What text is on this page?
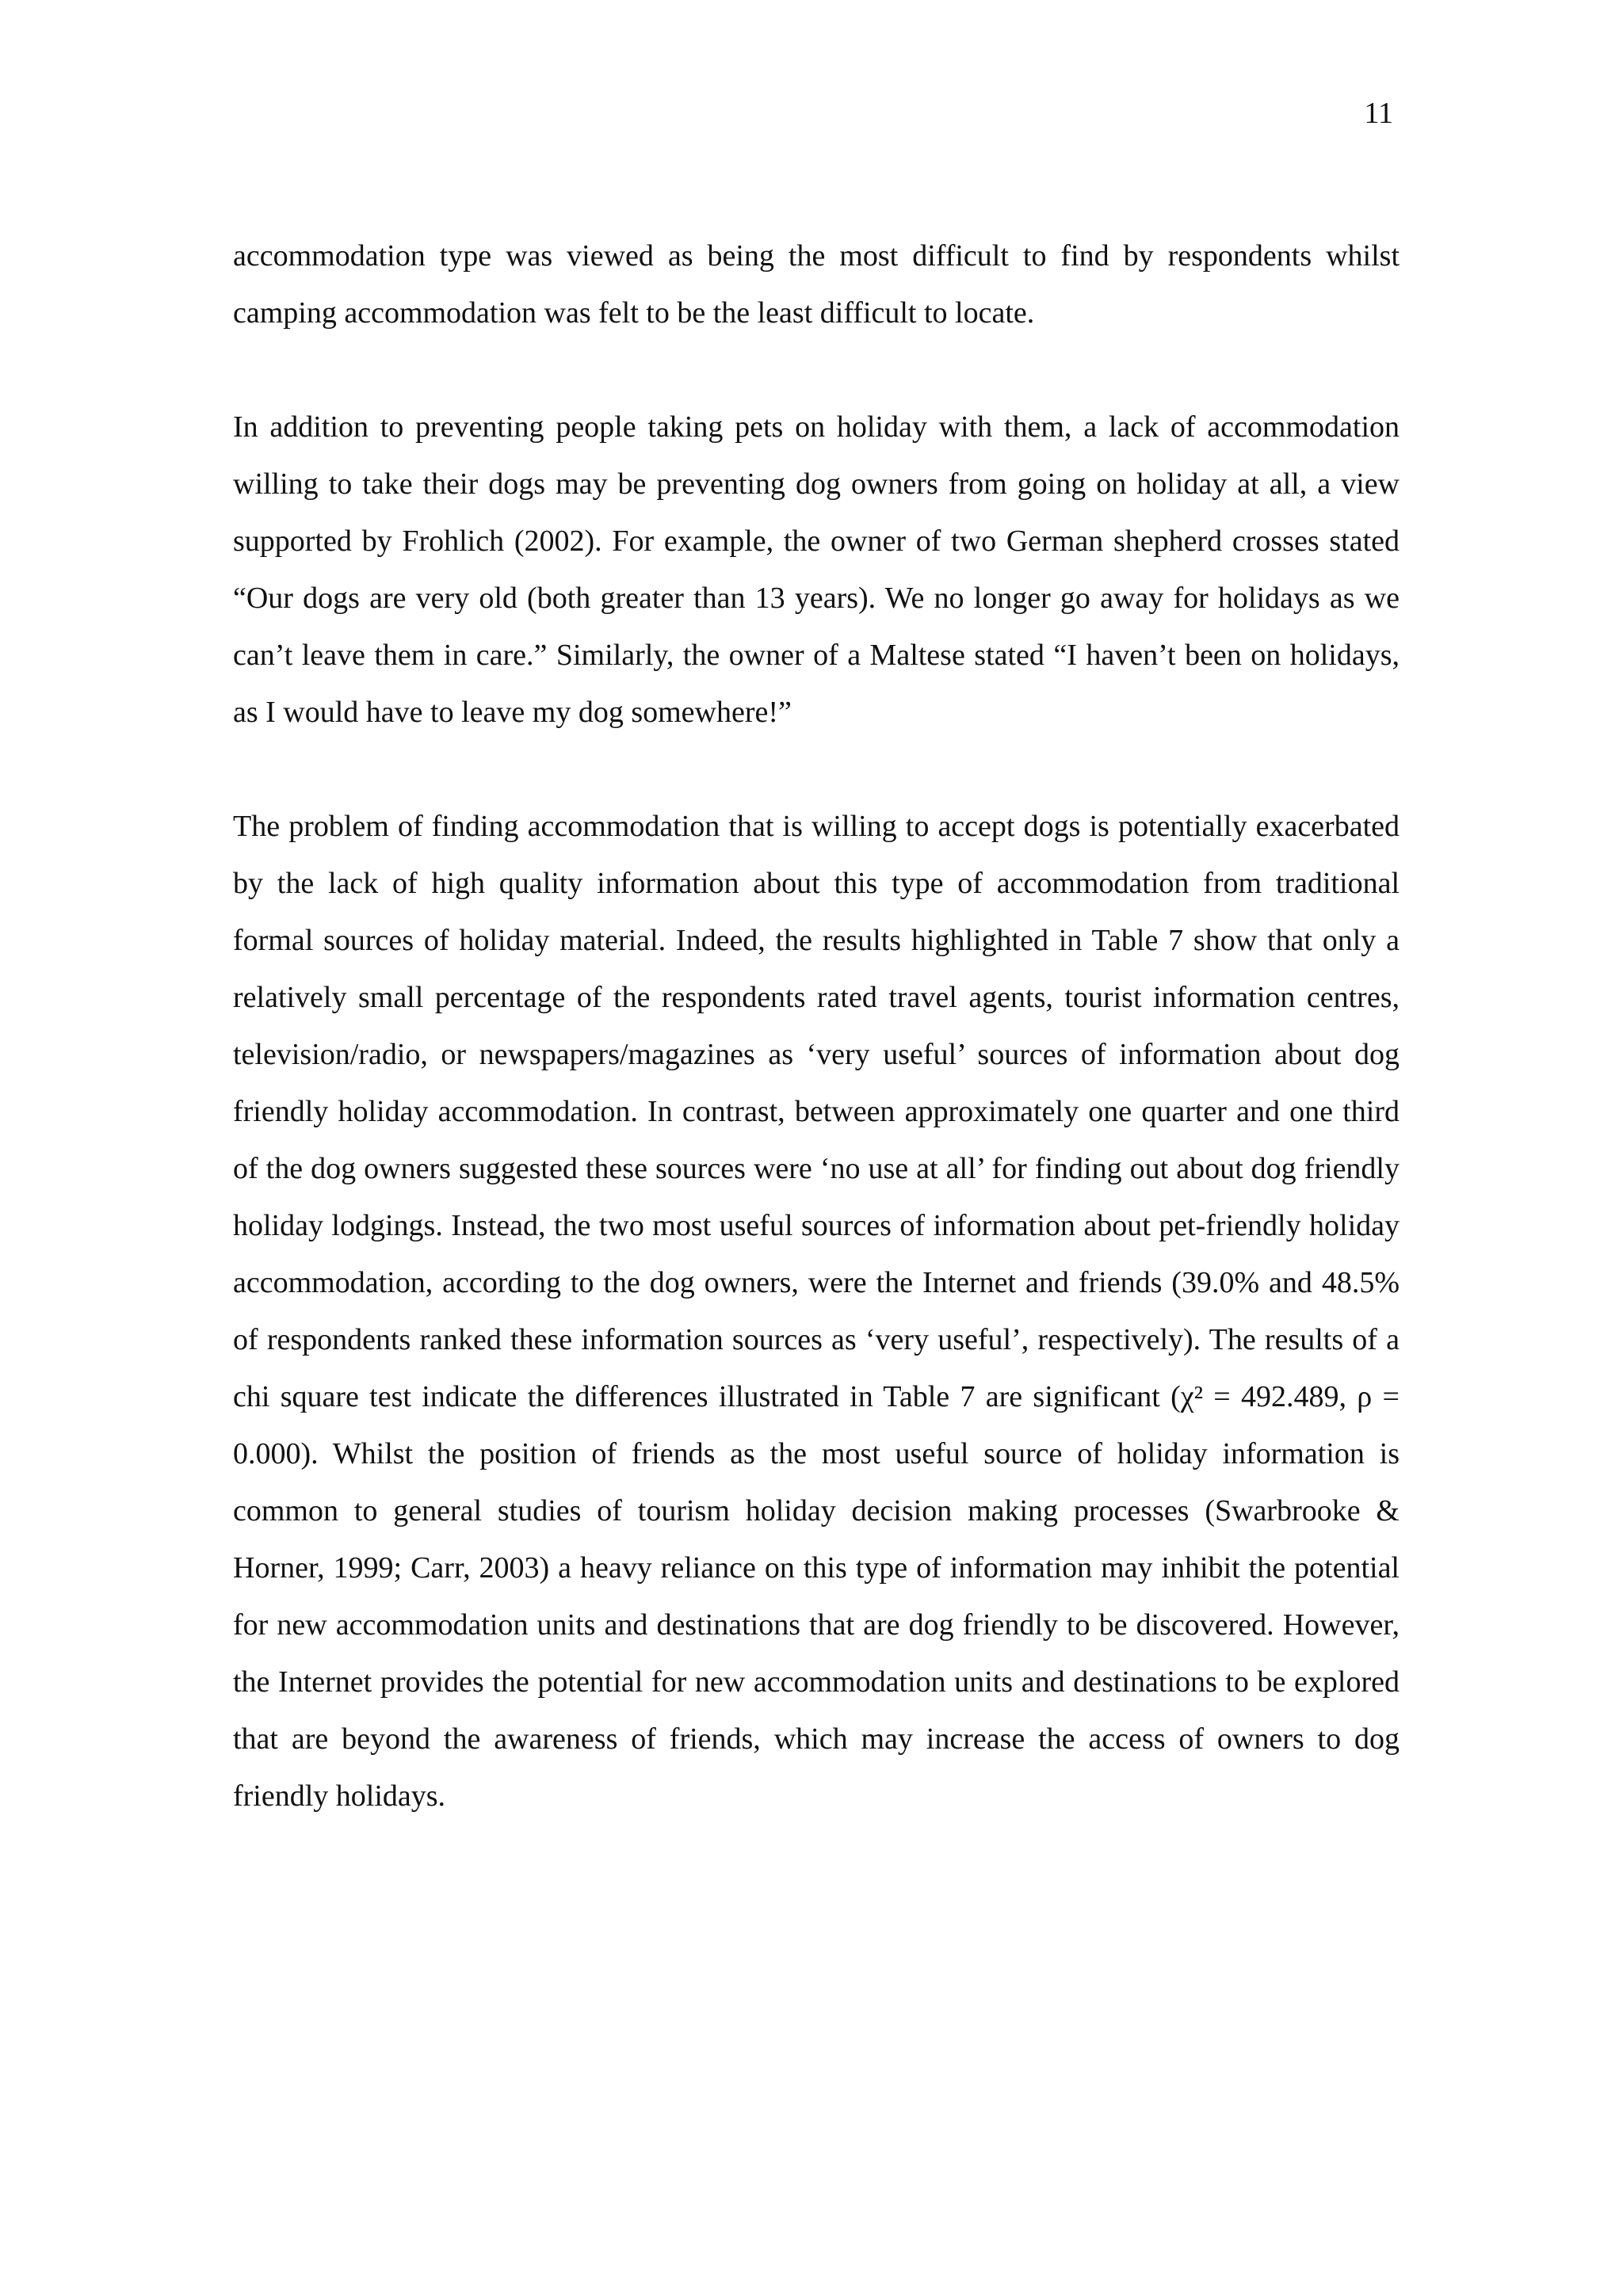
11

accommodation type was viewed as being the most difficult to find by respondents whilst camping accommodation was felt to be the least difficult to locate.

In addition to preventing people taking pets on holiday with them, a lack of accommodation willing to take their dogs may be preventing dog owners from going on holiday at all, a view supported by Frohlich (2002). For example, the owner of two German shepherd crosses stated “Our dogs are very old (both greater than 13 years). We no longer go away for holidays as we can’t leave them in care.” Similarly, the owner of a Maltese stated “I haven’t been on holidays, as I would have to leave my dog somewhere!”

The problem of finding accommodation that is willing to accept dogs is potentially exacerbated by the lack of high quality information about this type of accommodation from traditional formal sources of holiday material. Indeed, the results highlighted in Table 7 show that only a relatively small percentage of the respondents rated travel agents, tourist information centres, television/radio, or newspapers/magazines as ‘very useful’ sources of information about dog friendly holiday accommodation. In contrast, between approximately one quarter and one third of the dog owners suggested these sources were ‘no use at all’ for finding out about dog friendly holiday lodgings. Instead, the two most useful sources of information about pet-friendly holiday accommodation, according to the dog owners, were the Internet and friends (39.0% and 48.5% of respondents ranked these information sources as ‘very useful’, respectively). The results of a chi square test indicate the differences illustrated in Table 7 are significant (χ² = 492.489, ρ = 0.000). Whilst the position of friends as the most useful source of holiday information is common to general studies of tourism holiday decision making processes (Swarbrooke & Horner, 1999; Carr, 2003) a heavy reliance on this type of information may inhibit the potential for new accommodation units and destinations that are dog friendly to be discovered. However, the Internet provides the potential for new accommodation units and destinations to be explored that are beyond the awareness of friends, which may increase the access of owners to dog friendly holidays.
